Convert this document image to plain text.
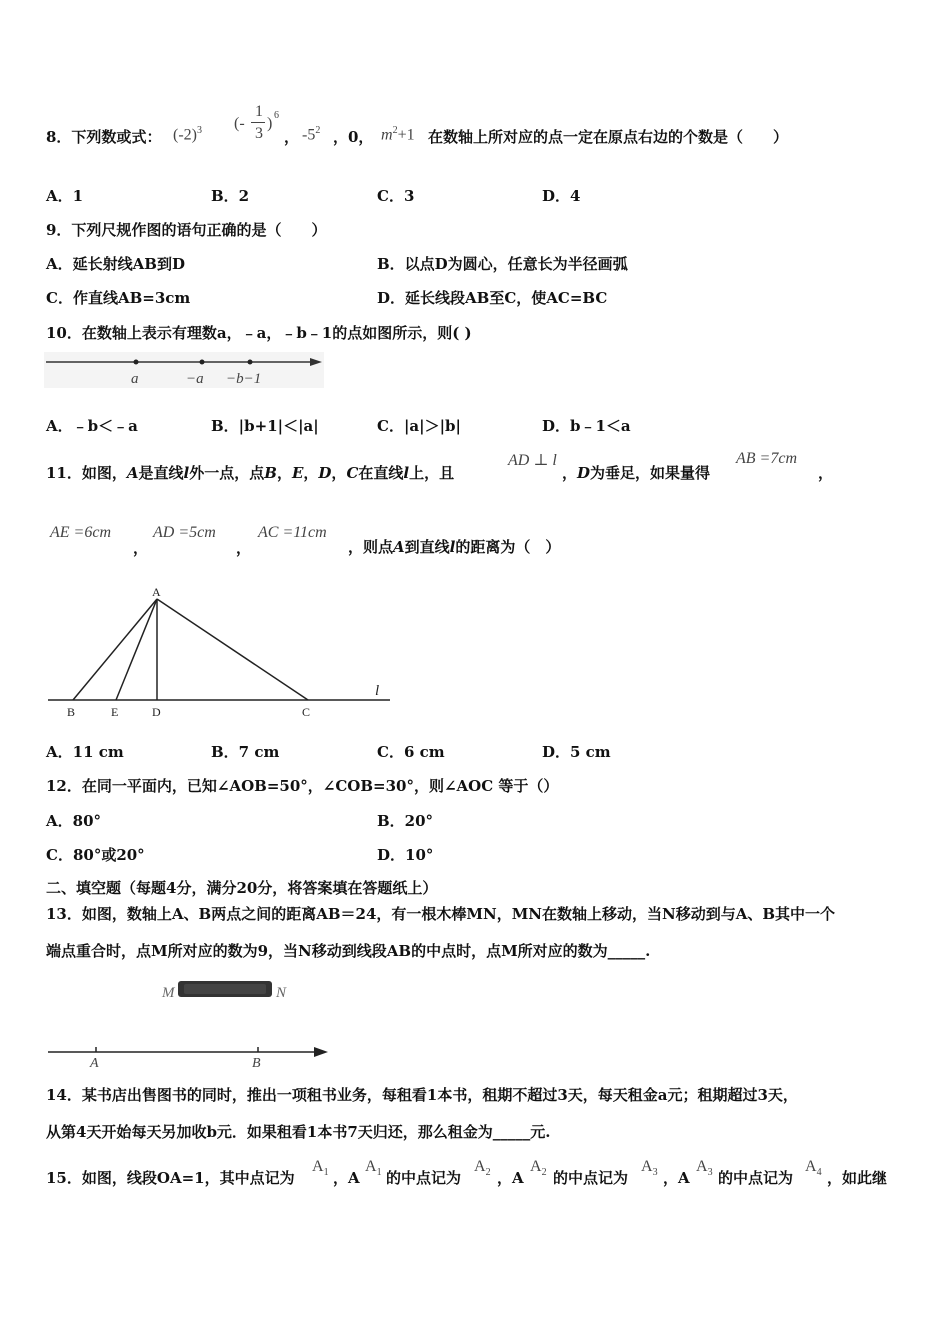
8．下列数或式： $(-2)^3$ (-
1
3
) 6
， $-5^2$ ，0， $m^2+1$ 在数轴上所对应的点一定在原点右边的个数是（　　）
A．1	B．2	C．3	D．4
9．下列尺规作图的语句正确的是（　　）
A．延长射线AB到D	B．以点D为圆心，任意长为半径画弧
C．作直线AB=3cm	D．延长线段AB至C，使AC=BC
10．在数轴上表示有理数a，﹣a，﹣b﹣1的点如图所示，则( )
a	−a −b−1
A．﹣b＜﹣a	B．|b+1|＜|a|	C．|a|＞|b|	D．b﹣1＜a
11．如图，A是直线l外一点，点B，E，D，C在直线l上，且
AD ⊥ l
，D为垂足，如果量得
AB =7cm
，
AE =6cm
，
AD =5cm
，
AC =11cm
，则点A到直线l的距离为（　）
A
B	E	D	C
l
A．11 cm	B．7 cm	C．6 cm	D．5 cm
12．在同一平面内，已知∠AOB=50°，∠COB=30°，则∠AOC 等于（）
A．80°	B．20°
C．80°或20°	D．10°
二、填空题（每题4分，满分20分，将答案填在答题纸上）
13．如图，数轴上A、B两点之间的距离AB＝24，有一根木棒MN，MN在数轴上移动，当N移动到与A、B其中一个
端点重合时，点M所对应的数为9，当N移动到线段AB的中点时，点M所对应的数为_____.
M	N
A	B
14．某书店出售图书的同时，推出一项租书业务，每租看1本书，租期不超过3天，每天租金a元；租期超过3天，
从第4天开始每天另加收b元．如果租看1本书7天归还，那么租金为_____元.
15．如图，线段OA=1，其中点记为
$A_1$ ，A
$A_1$ 的中点记为
$A_2$ ，A
$A_2$ 的中点记为
$A_3$ ，A
$A_3$ 的中点记为
$A_4$ ，如此继
